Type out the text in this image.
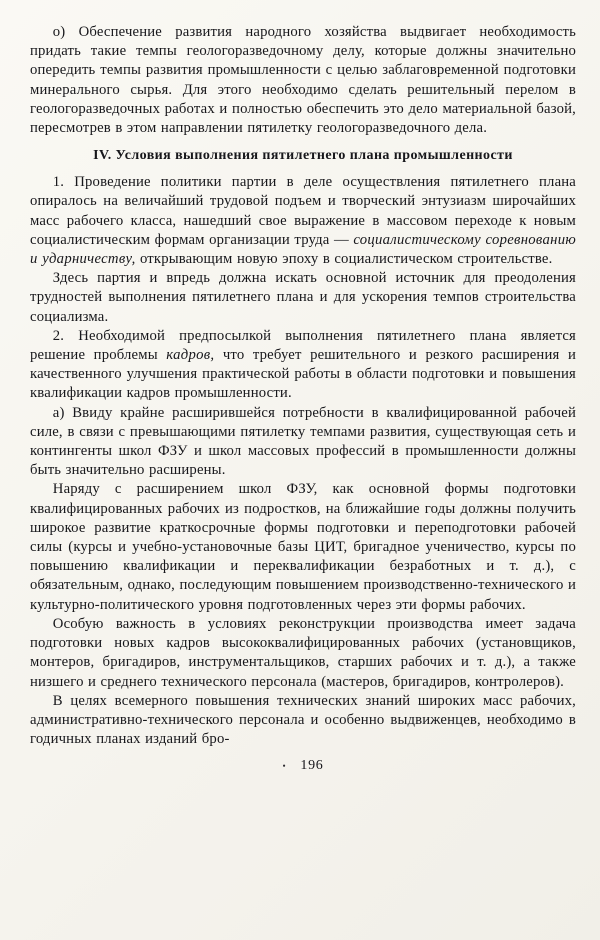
о) Обеспечение развития народного хозяйства выдвигает необходимость придать такие темпы геологоразведочному делу, которые должны значительно опередить темпы развития промышленности с целью заблаговременной подготовки минерального сырья. Для этого необходимо сделать решительный перелом в геологоразведочных работах и полностью обеспечить это дело материальной базой, пересмотрев в этом направлении пятилетку геологоразведочного дела.

IV. Условия выполнения пятилетнего плана промышленности

1. Проведение политики партии в деле осуществления пятилетнего плана опиралось на величайший трудовой подъем и творческий энтузиазм широчайших масс рабочего класса, нашедший свое выражение в массовом переходе к новым социалистическим формам организации труда — социалистическому соревнованию и ударничеству, открывающим новую эпоху в социалистическом строительстве.

Здесь партия и впредь должна искать основной источник для преодоления трудностей выполнения пятилетнего плана и для ускорения темпов строительства социализма.

2. Необходимой предпосылкой выполнения пятилетнего плана является решение проблемы кадров, что требует решительного и резкого расширения и качественного улучшения практической работы в области подготовки и повышения квалификации кадров промышленности.

а) Ввиду крайне расширившейся потребности в квалифицированной рабочей силе, в связи с превышающими пятилетку темпами развития, существующая сеть и контингенты школ ФЗУ и школ массовых профессий в промышленности должны быть значительно расширены.

Наряду с расширением школ ФЗУ, как основной формы подготовки квалифицированных рабочих из подростков, на ближайшие годы должны получить широкое развитие краткосрочные формы подготовки и переподготовки рабочей силы (курсы и учебно-установочные базы ЦИТ, бригадное ученичество, курсы по повышению квалификации и переквалификации безработных и т. д.), с обязательным, однако, последующим повышением производственно-технического и культурно-политического уровня подготовленных через эти формы рабочих.

Особую важность в условиях реконструкции производства имеет задача подготовки новых кадров высококвалифицированных рабочих (установщиков, монтеров, бригадиров, инструментальщиков, старших рабочих и т. д.), а также низшего и среднего технического персонала (мастеров, бригадиров, контролеров).

В целях всемерного повышения технических знаний широких масс рабочих, административно-технического персонала и особенно выдвиженцев, необходимо в годичных планах изданий бро-

• 196
